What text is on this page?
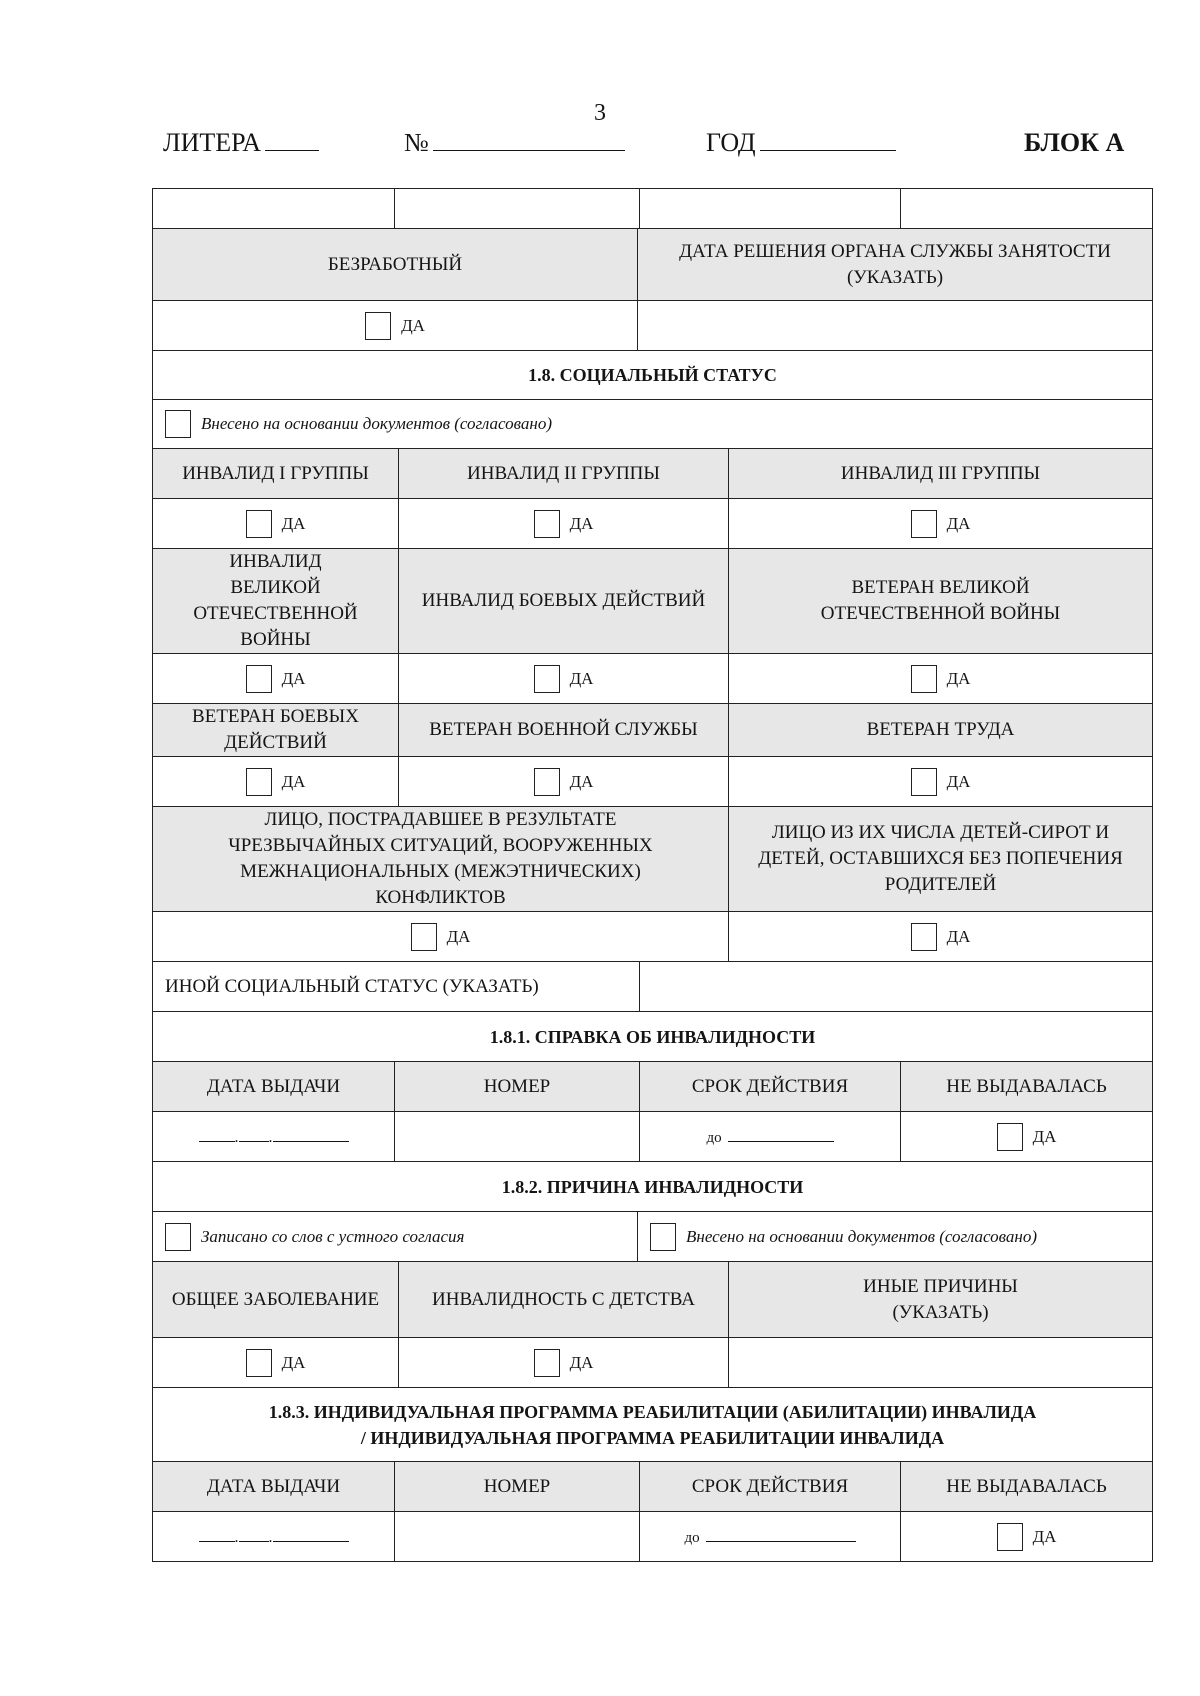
3
ЛИТЕРА	№	ГОД	БЛОК А

БЕЗРАБОТНЫЙ			ДАТА РЕШЕНИЯ ОРГАНА СЛУЖБЫ ЗАНЯТОСТИ (УКАЗАТЬ)			
ДА						
1.8. СОЦИАЛЬНЫЙ СТАТУС						
Внесено на основании документов (согласовано)						
ИНВАЛИД I ГРУППЫ		ИНВАЛИД II ГРУППЫ			ИНВАЛИД III ГРУППЫ	
ДА		ДА			ДА	
ИНВАЛИД ВЕЛИКОЙ ОТЕЧЕСТВЕННОЙ ВОЙНЫ		ИНВАЛИД БОЕВЫХ ДЕЙСТВИЙ			ВЕТЕРАН ВЕЛИКОЙ ОТЕЧЕСТВЕННОЙ ВОЙНЫ	
ДА		ДА			ДА	
ВЕТЕРАН БОЕВЫХ ДЕЙСТВИЙ		ВЕТЕРАН ВОЕННОЙ СЛУЖБЫ			ВЕТЕРАН ТРУДА	
ДА		ДА			ДА	
ЛИЦО, ПОСТРАДАВШЕЕ В РЕЗУЛЬТАТЕ ЧРЕЗВЫЧАЙНЫХ СИТУАЦИЙ, ВООРУЖЕННЫХ МЕЖНАЦИОНАЛЬНЫХ (МЕЖЭТНИЧЕСКИХ) КОНФЛИКТОВ					ЛИЦО ИЗ ИХ ЧИСЛА ДЕТЕЙ-СИРОТ И ДЕТЕЙ, ОСТАВШИХСЯ БЕЗ ПОПЕЧЕНИЯ РОДИТЕЛЕЙ	
ДА					ДА	
ИНОЙ СОЦИАЛЬНЫЙ СТАТУС (УКАЗАТЬ)						
1.8.1. СПРАВКА ОБ ИНВАЛИДНОСТИ						
ДАТА ВЫДАЧИ	НОМЕР			СРОК ДЕЙСТВИЯ		НЕ ВЫДАВАЛАСЬ
. .				до		ДА
1.8.2. ПРИЧИНА ИНВАЛИДНОСТИ						
Записано со слов с устного согласия			Внесено на основании документов (согласовано)			
ОБЩЕЕ ЗАБОЛЕВАНИЕ		ИНВАЛИДНОСТЬ С ДЕТСТВА			ИНЫЕ ПРИЧИНЫ (УКАЗАТЬ)	
ДА		ДА				

1.8.3. ИНДИВИДУАЛЬНАЯ ПРОГРАММА РЕАБИЛИТАЦИИ (АБИЛИТАЦИИ) ИНВАЛИДА
/ ИНДИВИДУАЛЬНАЯ ПРОГРАММА РЕАБИЛИТАЦИИ ИНВАЛИДА						

ДАТА ВЫДАЧИ	НОМЕР			СРОК ДЕЙСТВИЯ		НЕ ВЫДАВАЛАСЬ
. .				до		ДА
